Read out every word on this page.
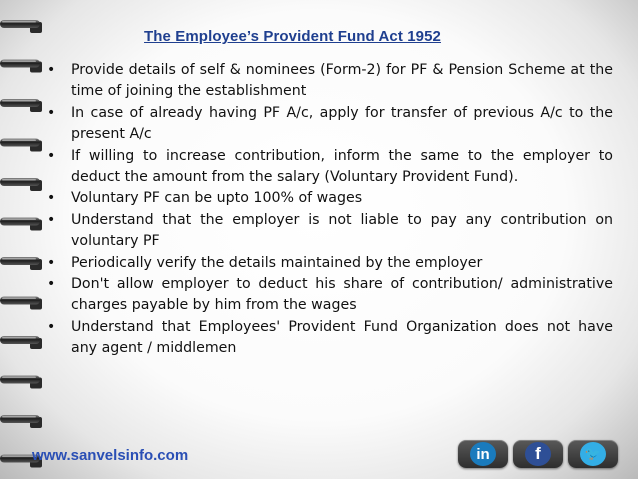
The Employee’s Provident Fund Act 1952
• Provide details of self & nominees (Form-2) for PF & Pension Scheme at the time of joining the establishment
• In case of already having PF A/c, apply for transfer of previous A/c to the present A/c
• If willing to increase contribution, inform the same to the employer to deduct the amount from the salary (Voluntary Provident Fund).
• Voluntary PF can be upto 100% of wages
• Understand that the employer is not liable to pay any contribution on voluntary PF
• Periodically verify the details maintained by the employer
• Don't allow employer to deduct his share of contribution/ administrative charges payable by him from the wages
• Understand that Employees' Provident Fund Organization does not have any agent / middlemen
www.sanvelsinfo.com	in	f	🐦
